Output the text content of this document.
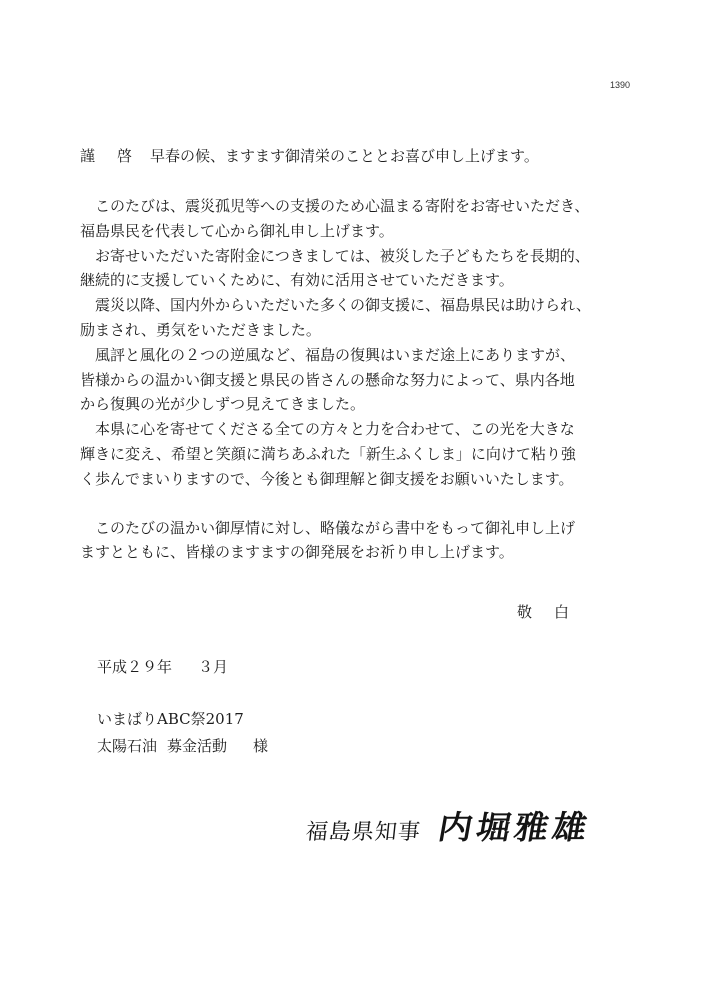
1390
謹 啓 早春の候、ますます御清栄のこととお喜び申し上げます。
　このたびは、震災孤児等への支援のため心温まる寄附をお寄せいただき、
福島県民を代表して心から御礼申し上げます。
　お寄せいただいた寄附金につきましては、被災した子どもたちを長期的、
継続的に支援していくために、有効に活用させていただきます。
　震災以降、国内外からいただいた多くの御支援に、福島県民は助けられ、
励まされ、勇気をいただきました。
　風評と風化の２つの逆風など、福島の復興はいまだ途上にありますが、
皆様からの温かい御支援と県民の皆さんの懸命な努力によって、県内各地
から復興の光が少しずつ見えてきました。
　本県に心を寄せてくださる全ての方々と力を合わせて、この光を大きな
輝きに変え、希望と笑顔に満ちあふれた「新生ふくしま」に向けて粘り強
く歩んでまいりますので、今後とも御理解と御支援をお願いいたします。
　このたびの温かい御厚情に対し、略儀ながら書中をもって御礼申し上げ
ますとともに、皆様のますますの御発展をお祈り申し上げます。
敬 白
平成２９年 ３月
いまばりABC祭2017
太陽石油 募金活動 様
福島県知事 内堀雅雄
